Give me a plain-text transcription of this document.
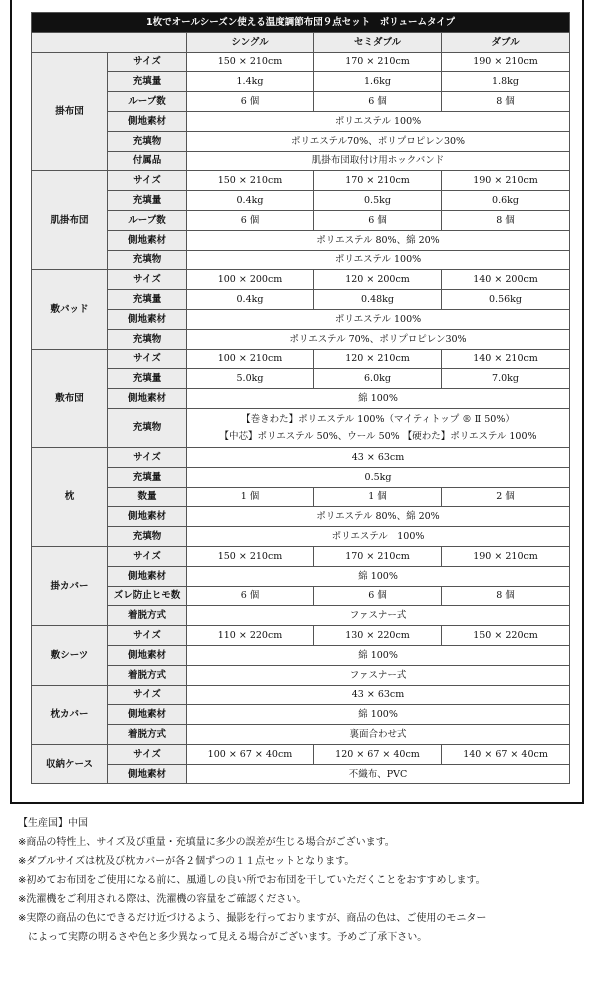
1枚でオールシーズン使える温度調節布団９点セット　ボリュームタイプ				
		シングル	セミダブル	ダブル
掛布団	サイズ	150 × 210cm	170 × 210cm	190 × 210cm
	充填量	1.4kg	1.6kg	1.8kg
	ループ数	6 個	6 個	8 個
	側地素材	ポリエステル 100%		
	充填物	ポリエステル70%、ポリプロピレン30%		
	付属品	肌掛布団取付け用ホックバンド		
肌掛布団	サイズ	150 × 210cm	170 × 210cm	190 × 210cm
	充填量	0.4kg	0.5kg	0.6kg
	ループ数	6 個	6 個	8 個
	側地素材	ポリエステル 80%、綿 20%		
	充填物	ポリエステル 100%		
敷パッド	サイズ	100 × 200cm	120 × 200cm	140 × 200cm
	充填量	0.4kg	0.48kg	0.56kg
	側地素材	ポリエステル 100%		
	充填物	ポリエステル 70%、ポリプロピレン30%		
敷布団	サイズ	100 × 210cm	120 × 210cm	140 × 210cm
	充填量	5.0kg	6.0kg	7.0kg
	側地素材	綿 100%		
	充填物	【巻きわた】ポリエステル 100%（マイティトップ ® Ⅱ 50%）
【中芯】ポリエステル 50%、ウール 50% 【硬わた】ポリエステル 100%		

枕	サイズ	43 × 63cm		
	充填量	0.5kg		
	数量	1 個	1 個	2 個
	側地素材	ポリエステル 80%、綿 20%		
	充填物	ポリエステル　100%		
掛カバー	サイズ	150 × 210cm	170 × 210cm	190 × 210cm
	側地素材	綿 100%		
	ズレ防止ヒモ数	6 個	6 個	8 個
	着脱方式	ファスナー式		
敷シーツ	サイズ	110 × 220cm	130 × 220cm	150 × 220cm
	側地素材	綿 100%		
	着脱方式	ファスナー式		
枕カバー	サイズ	43 × 63cm		
	側地素材	綿 100%		
	着脱方式	裏面合わせ式		
収納ケース	サイズ	100 × 67 × 40cm	120 × 67 × 40cm	140 × 67 × 40cm
	側地素材	不織布、PVC		
【生産国】中国
※商品の特性上、サイズ及び重量・充填量に多少の誤差が生じる場合がございます。
※ダブルサイズは枕及び枕カバーが各２個ずつの１１点セットとなります。
※初めてお布団をご使用になる前に、風通しの良い所でお布団を干していただくことをおすすめします。
※洗濯機をご利用される際は、洗濯機の容量をご確認ください。
※実際の商品の色にできるだけ近づけるよう、撮影を行っておりますが、商品の色は、ご使用のモニター
によって実際の明るさや色と多少異なって見える場合がございます。予めご了承下さい。
